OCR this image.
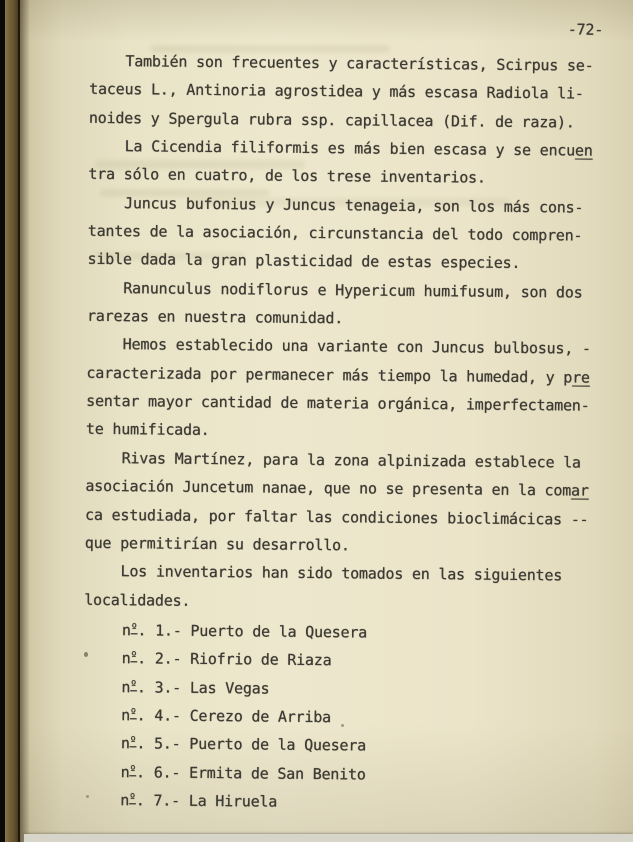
-72-
También son frecuentes y características, Scirpus se-
taceus L., Antinoria agrostidea y más escasa Radiola li-
noides y Spergula rubra ssp. capillacea (Dif. de raza).
La Cicendia filiformis es más bien escasa y se encuen
tra sólo en cuatro, de los trese inventarios.
Juncus bufonius y Juncus tenageia, son los más cons-
tantes de la asociación, circunstancia del todo compren-
sible dada la gran plasticidad de estas especies.
Ranunculus nodiflorus e Hypericum humifusum, son dos
rarezas en nuestra comunidad.
Hemos establecido una variante con Juncus bulbosus, -
caracterizada por permanecer más tiempo la humedad, y pre
sentar mayor cantidad de materia orgánica, imperfectamen-
te humificada.
Rivas Martínez, para la zona alpinizada establece la
asociación Juncetum nanae, que no se presenta en la comar
ca estudiada, por faltar las condiciones bioclimácicas --
que permitirían su desarrollo.
Los inventarios han sido tomados en las siguientes
localidades.
nº. 1.- Puerto de la Quesera
nº. 2.- Riofrio de Riaza
nº. 3.- Las Vegas
nº. 4.- Cerezo de Arriba
nº. 5.- Puerto de la Quesera
nº. 6.- Ermita de San Benito
nº. 7.- La Hiruela
